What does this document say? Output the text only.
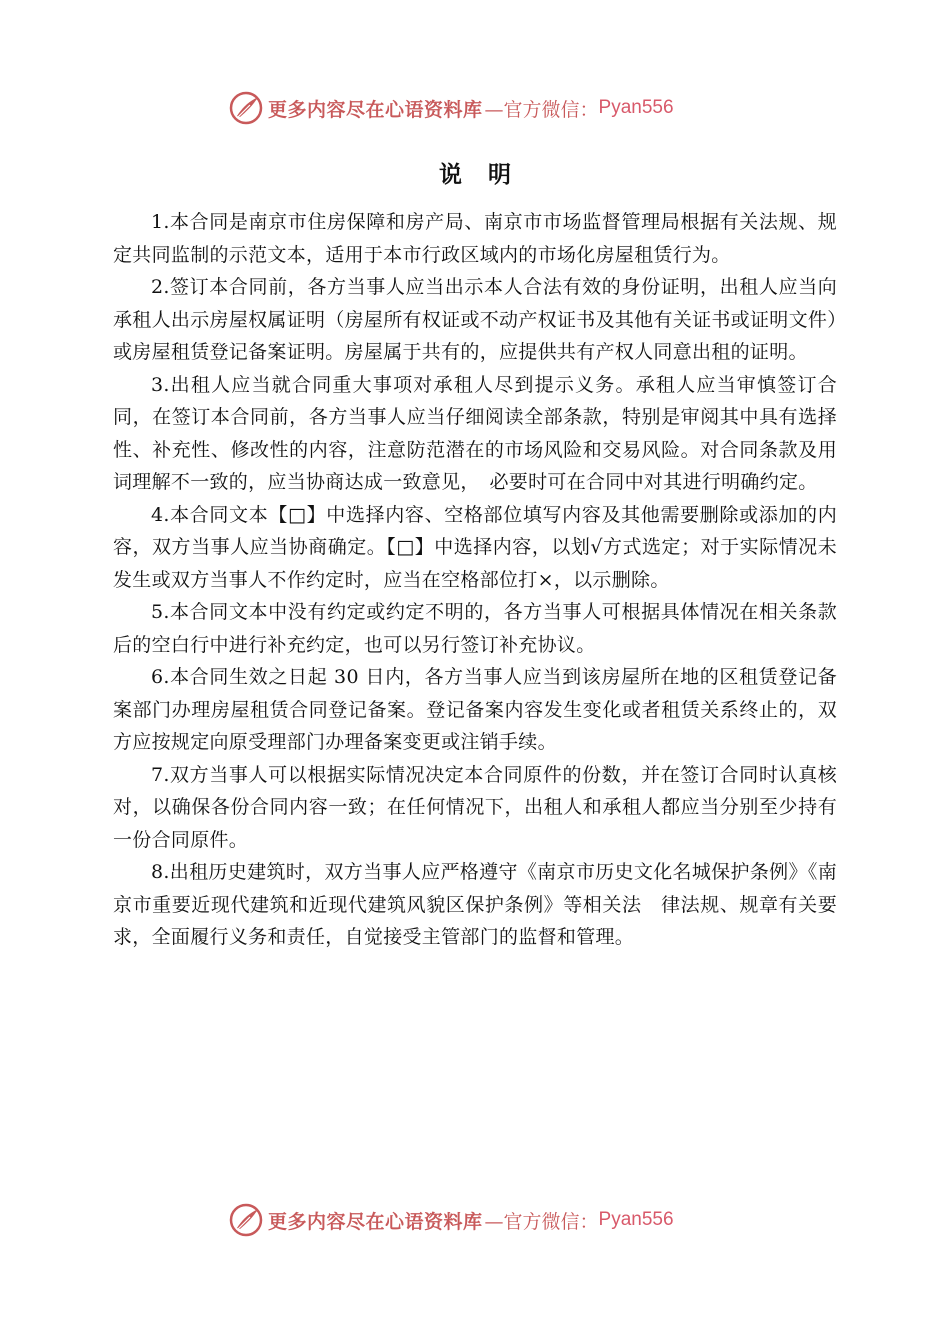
更多内容尽在心语资料库 —官方微信： Pyan556
说明

1.本合同是南京市住房保障和房产局、南京市市场监督管理局根据有关法规、规定共同监制的示范文本，适用于本市行政区域内的市场化房屋租赁行为。

2.签订本合同前，各方当事人应当出示本人合法有效的身份证明，出租人应当向承租人出示房屋权属证明（房屋所有权证或不动产权证书及其他有关证书或证明文件）或房屋租赁登记备案证明。房屋属于共有的，应提供共有产权人同意出租的证明。

3.出租人应当就合同重大事项对承租人尽到提示义务。承租人应当审慎签订合同，在签订本合同前，各方当事人应当仔细阅读全部条款，特别是审阅其中具有选择性、补充性、修改性的内容，注意防范潜在的市场风险和交易风险。对合同条款及用词理解不一致的，应当协商达成一致意见，　必要时可在合同中对其进行明确约定。

4.本合同文本【□】中选择内容、空格部位填写内容及其他需要删除或添加的内容，双方当事人应当协商确定。【□】中选择内容，以划√方式选定；对于实际情况未发生或双方当事人不作约定时，应当在空格部位打×，以示删除。

5.本合同文本中没有约定或约定不明的，各方当事人可根据具体情况在相关条款后的空白行中进行补充约定，也可以另行签订补充协议。

6.本合同生效之日起 30 日内，各方当事人应当到该房屋所在地的区租赁登记备案部门办理房屋租赁合同登记备案。登记备案内容发生变化或者租赁关系终止的，双方应按规定向原受理部门办理备案变更或注销手续。

7.双方当事人可以根据实际情况决定本合同原件的份数，并在签订合同时认真核对，以确保各份合同内容一致；在任何情况下，出租人和承租人都应当分别至少持有一份合同原件。

8.出租历史建筑时，双方当事人应严格遵守《南京市历史文化名城保护条例》《南京市重要近现代建筑和近现代建筑风貌区保护条例》等相关法　律法规、规章有关要求，全面履行义务和责任，自觉接受主管部门的监督和管理。

更多内容尽在心语资料库 —官方微信： Pyan556
